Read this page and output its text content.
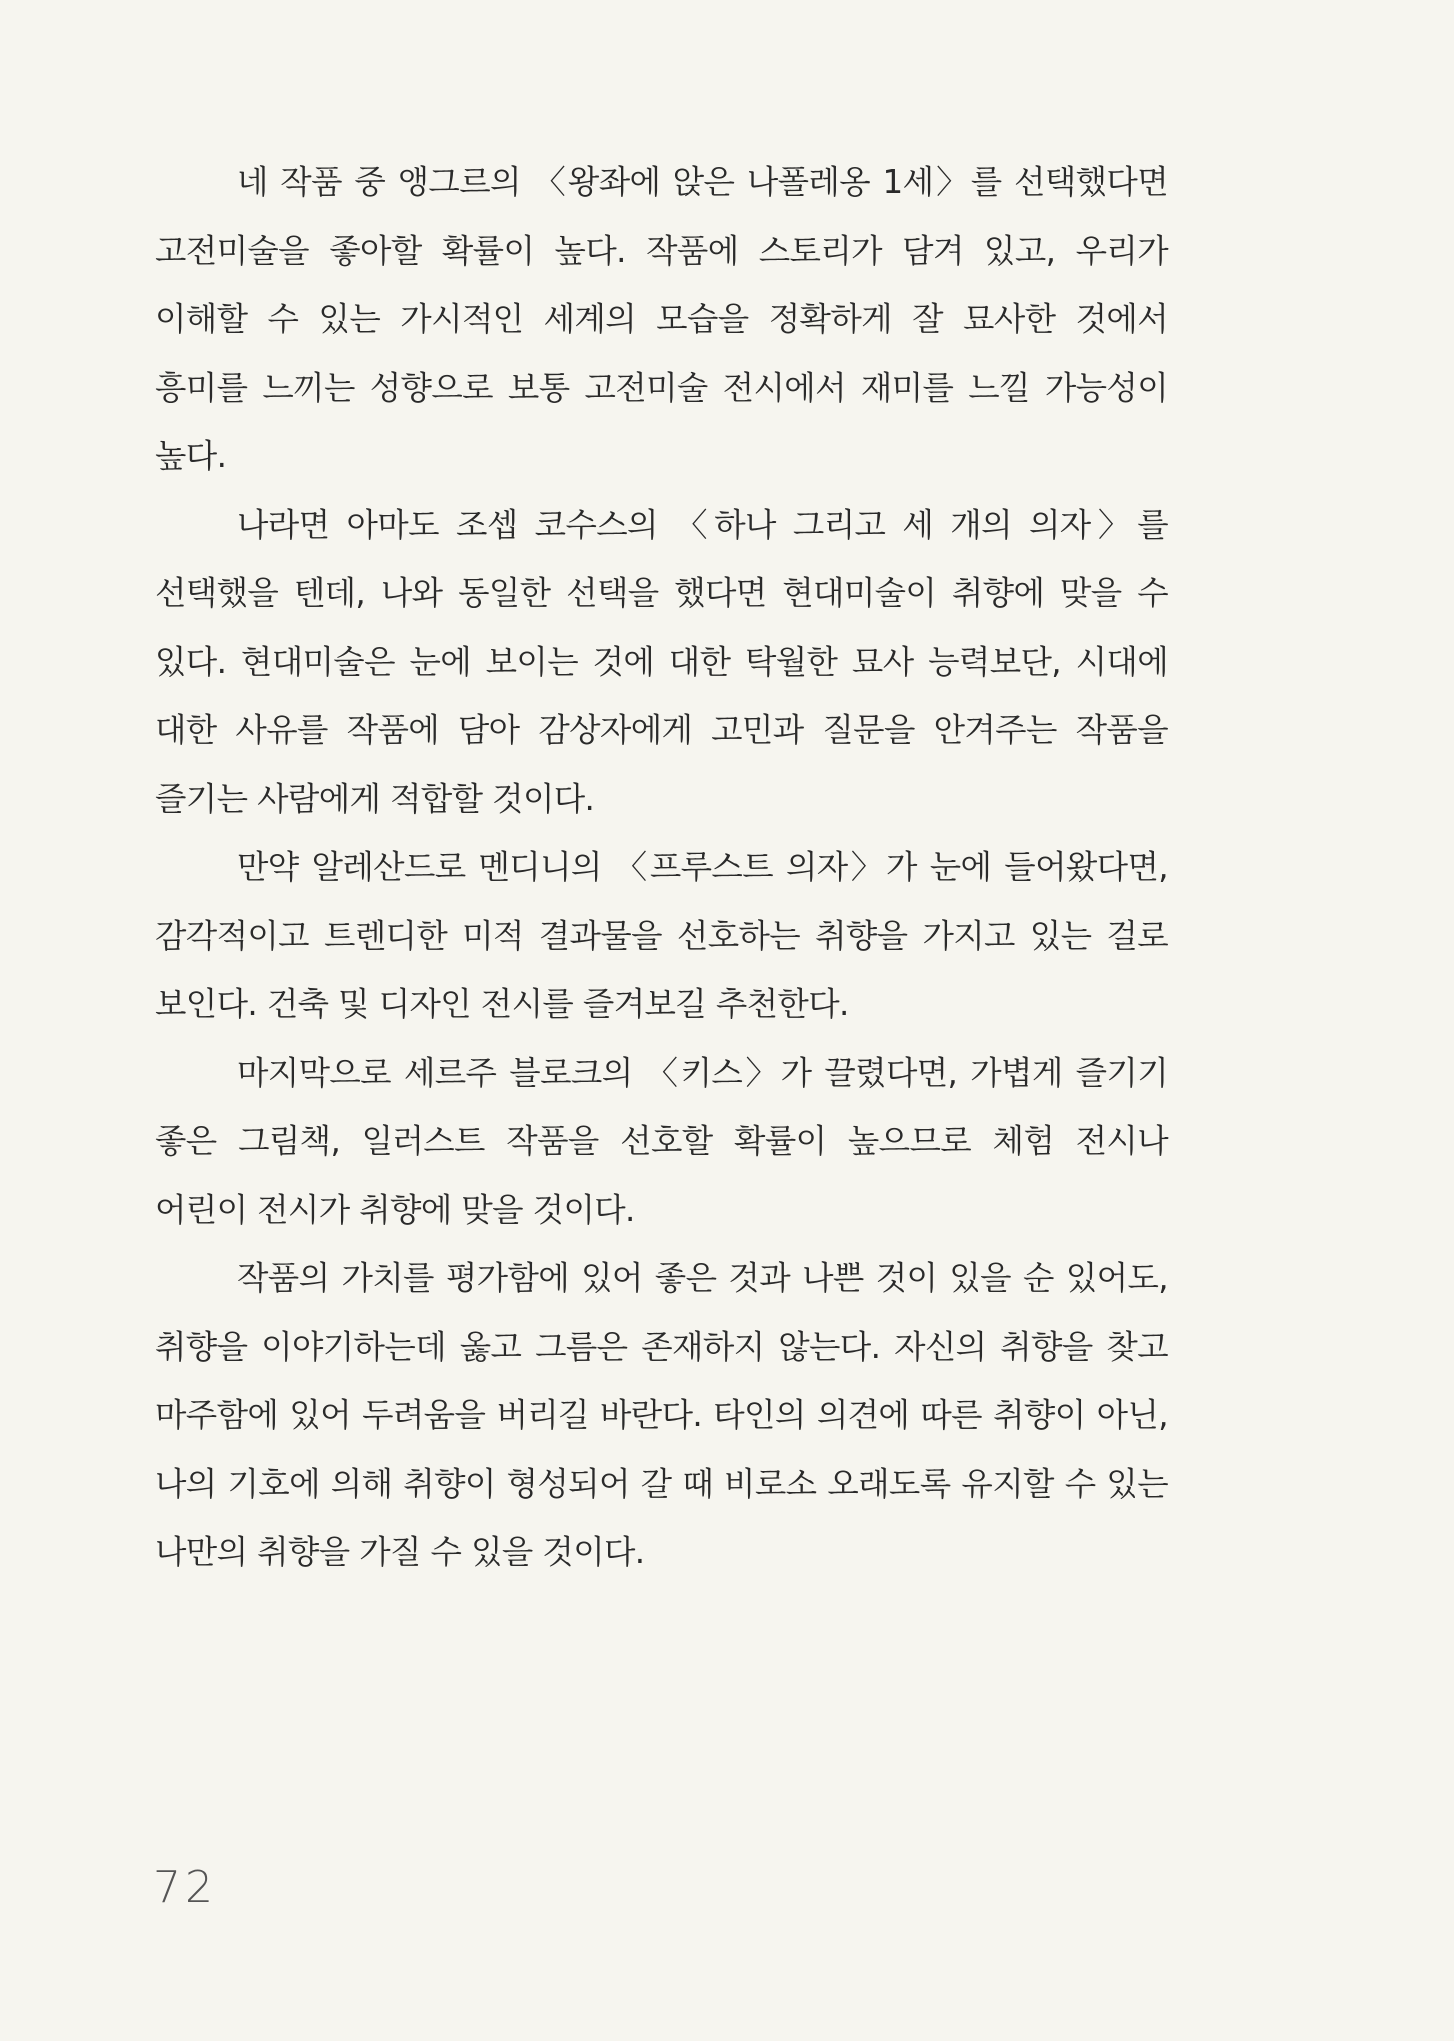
네 작품 중 앵그르의 〈왕좌에 앉은 나폴레옹 1세〉를 선택했다면 고전미술을 좋아할 확률이 높다. 작품에 스토리가 담겨 있고, 우리가 이해할 수 있는 가시적인 세계의 모습을 정확하게 잘 묘사한 것에서 흥미를 느끼는 성향으로 보통 고전미술 전시에서 재미를 느낄 가능성이 높다.

나라면 아마도 조셉 코수스의 〈하나 그리고 세 개의 의자〉를 선택했을 텐데, 나와 동일한 선택을 했다면 현대미술이 취향에 맞을 수 있다. 현대미술은 눈에 보이는 것에 대한 탁월한 묘사 능력보단, 시대에 대한 사유를 작품에 담아 감상자에게 고민과 질문을 안겨주는 작품을 즐기는 사람에게 적합할 것이다.

만약 알레산드로 멘디니의 〈프루스트 의자〉가 눈에 들어왔다면, 감각적이고 트렌디한 미적 결과물을 선호하는 취향을 가지고 있는 걸로 보인다. 건축 및 디자인 전시를 즐겨보길 추천한다.

마지막으로 세르주 블로크의 〈키스〉가 끌렸다면, 가볍게 즐기기 좋은 그림책, 일러스트 작품을 선호할 확률이 높으므로 체험 전시나 어린이 전시가 취향에 맞을 것이다.

작품의 가치를 평가함에 있어 좋은 것과 나쁜 것이 있을 순 있어도, 취향을 이야기하는데 옳고 그름은 존재하지 않는다. 자신의 취향을 찾고 마주함에 있어 두려움을 버리길 바란다. 타인의 의견에 따른 취향이 아닌, 나의 기호에 의해 취향이 형성되어 갈 때 비로소 오래도록 유지할 수 있는 나만의 취향을 가질 수 있을 것이다.

72
